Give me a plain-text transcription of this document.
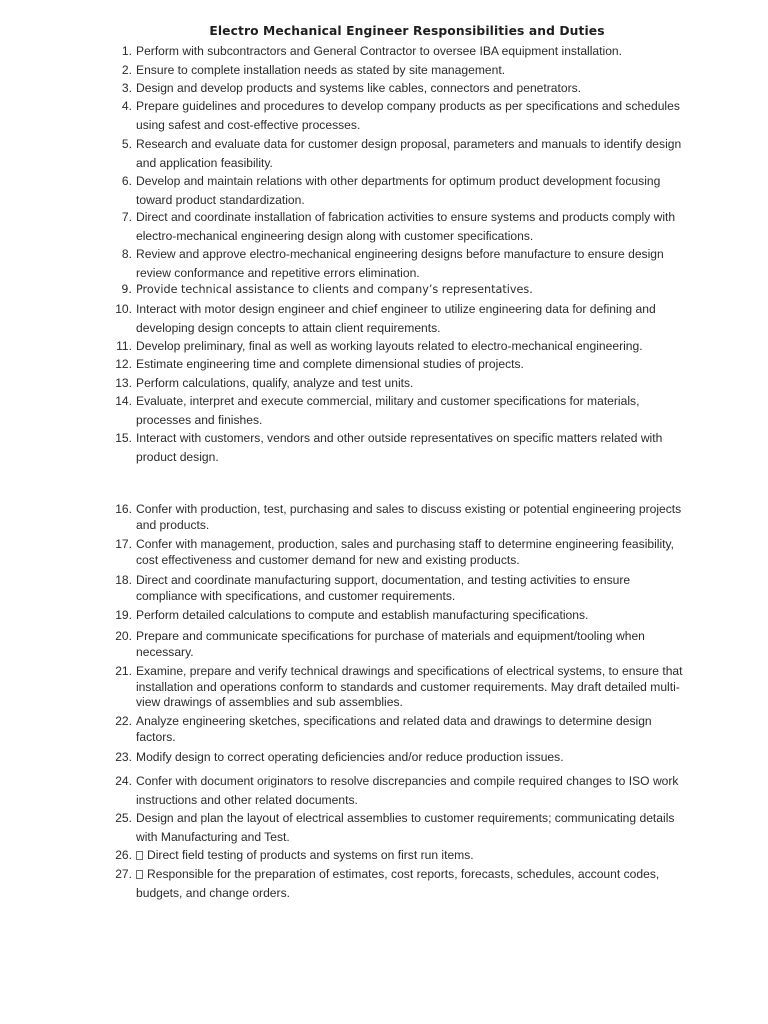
Electro Mechanical Engineer Responsibilities and Duties
1. Perform with subcontractors and General Contractor to oversee IBA equipment installation.
2. Ensure to complete installation needs as stated by site management.
3. Design and develop products and systems like cables, connectors and penetrators.
4. Prepare guidelines and procedures to develop company products as per specifications and schedules using safest and cost-effective processes.
5. Research and evaluate data for customer design proposal, parameters and manuals to identify design and application feasibility.
6. Develop and maintain relations with other departments for optimum product development focusing toward product standardization.
7. Direct and coordinate installation of fabrication activities to ensure systems and products comply with electro-mechanical engineering design along with customer specifications.
8. Review and approve electro-mechanical engineering designs before manufacture to ensure design review conformance and repetitive errors elimination.
9. Provide technical assistance to clients and company’s representatives.
10. Interact with motor design engineer and chief engineer to utilize engineering data for defining and developing design concepts to attain client requirements.
11. Develop preliminary, final as well as working layouts related to electro-mechanical engineering.
12. Estimate engineering time and complete dimensional studies of projects.
13. Perform calculations, qualify, analyze and test units.
14. Evaluate, interpret and execute commercial, military and customer specifications for materials, processes and finishes.
15. Interact with customers, vendors and other outside representatives on specific matters related with product design.
16. Confer with production, test, purchasing and sales to discuss existing or potential engineering projects and products.
17. Confer with management, production, sales and purchasing staff to determine engineering feasibility, cost effectiveness and customer demand for new and existing products.
18. Direct and coordinate manufacturing support, documentation, and testing activities to ensure compliance with specifications, and customer requirements.
19. Perform detailed calculations to compute and establish manufacturing specifications.
20. Prepare and communicate specifications for purchase of materials and equipment/tooling when necessary.
21. Examine, prepare and verify technical drawings and specifications of electrical systems, to ensure that installation and operations conform to standards and customer requirements. May draft detailed multi-view drawings of assemblies and sub assemblies.
22. Analyze engineering sketches, specifications and related data and drawings to determine design factors.
23. Modify design to correct operating deficiencies and/or reduce production issues.
24. Confer with document originators to resolve discrepancies and compile required changes to ISO work instructions and other related documents.
25. Design and plan the layout of electrical assemblies to customer requirements; communicating details with Manufacturing and Test.
26.	Direct field testing of products and systems on first run items.
27.	Responsible for the preparation of estimates, cost reports, forecasts, schedules, account codes, budgets, and change orders.
